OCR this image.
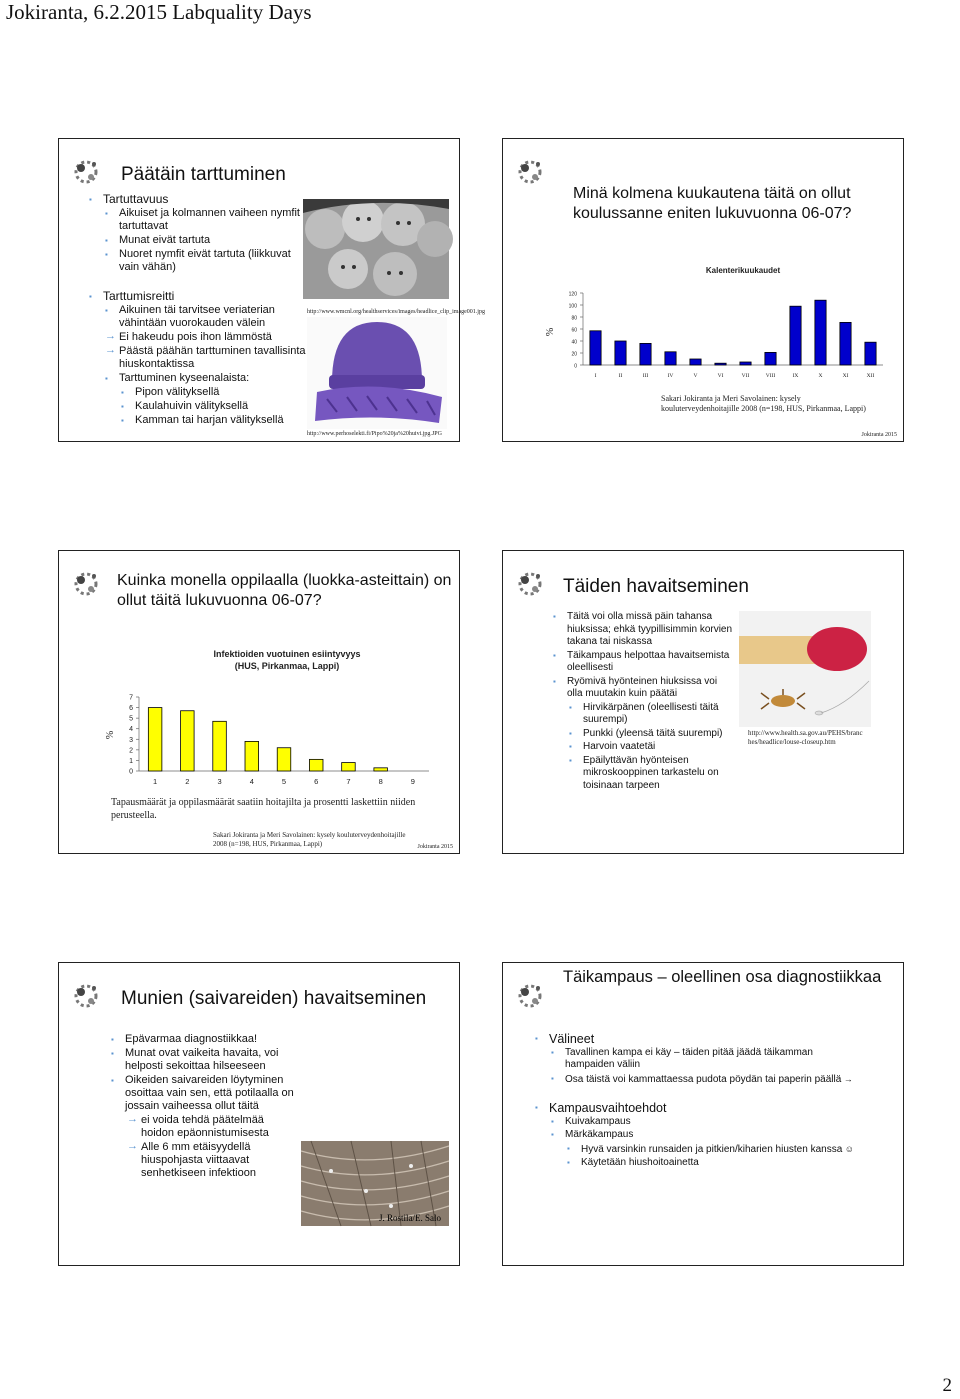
Jokiranta, 6.2.2015 Labquality Days
Päätäin tarttuminen
▪ Tartuttavuus
▪ Aikuiset ja kolmannen vaiheen nymfit tartuttavat
▪ Munat eivät tartuta
▪ Nuoret nymfit eivät tartuta (liikkuvat vain vähän)
▪ Tarttumisreitti
▪ Aikuinen täi tarvitsee veriaterian vähintään vuorokauden välein
→ Ei hakeudu pois ihon lämmöstä
→ Päästä päähän tarttuminen tavallisinta hiuskontaktissa
▪ Tarttuminen kyseenalaista:
▪ Pipon välityksellä
▪ Kaulahuivin välityksellä
▪ Kamman tai harjan välityksellä
http://www.wmcnl.org/healthservices/images/headlice_clip_image001.jpg
http://www.perhoselekti.fi/Pipo%20ja%20huivi.jpg.JPG
Minä kolmena kuukautena täitä on ollut koulussanne eniten lukuvuonna 06-07?
Kalenterikuukaudet
%
0
20
40
60
80
100
120
I	II	III	IV	V	VI	VII	VIII	IX	X	XI	XII
Sakari Jokiranta ja Meri Savolainen: kysely kouluterveydenhoitajille 2008 (n=198, HUS, Pirkanmaa, Lappi)
Jokiranta 2015
Kuinka monella oppilaalla (luokka-asteittain) on ollut täitä lukuvuonna 06-07?
Infektioiden vuotuinen esiintyvyys
(HUS, Pirkanmaa, Lappi)
%
0
1
2
3
4
5
6
7
1	2	3	4	5	6	7	8	9
Tapausmäärät ja oppilasmäärät saatiin hoitajilta ja prosentti laskettiin niiden perusteella.
Sakari Jokiranta ja Meri Savolainen: kysely kouluterveydenhoitajille 2008 (n=198, HUS, Pirkanmaa, Lappi)	Jokiranta 2015
Täiden havaitseminen
▪ Täitä voi olla missä päin tahansa hiuksissa; ehkä tyypillisimmin korvien takana tai niskassa
▪ Täikampaus helpottaa havaitsemista oleellisesti
▪ Ryömivä hyönteinen hiuksissa voi olla muutakin kuin päätäi
▪ Hirvikärpänen (oleellisesti täitä suurempi)
▪ Punkki (yleensä täitä suurempi)
▪ Harvoin vaatetäi
▪ Epäilyttävän hyönteisen mikroskooppinen tarkastelu on toisinaan tarpeen
http://www.health.sa.gov.au/PEHS/branches/headlice/louse-closeup.htm
Munien (saivareiden) havaitseminen
▪ Epävarmaa diagnostiikkaa!
▪ Munat ovat vaikeita havaita, voi helposti sekoittaa hilseeseen
▪ Oikeiden saivareiden löytyminen osoittaa vain sen, että potilaalla on jossain vaiheessa ollut täitä
→ ei voida tehdä päätelmää hoidon epäonnistumisesta
→ Alle 6 mm etäisyydellä hiuspohjasta viittaavat senhetkiseen infektioon
J. Rostila/E. Salo
Täikampaus – oleellinen osa diagnostiikkaa
▪ Välineet
▪ Tavallinen kampa ei käy – täiden pitää jäädä täikamman hampaiden väliin
▪ Osa täistä voi kammattaessa pudota pöydän tai paperin päällä →
▪ Kampausvaihtoehdot
▪ Kuivakampaus
▪ Märkäkampaus
▪ Hyvä varsinkin runsaiden ja pitkien/kiharien hiusten kanssa ☺
▪ Käytetään hiushoitoainetta
2
